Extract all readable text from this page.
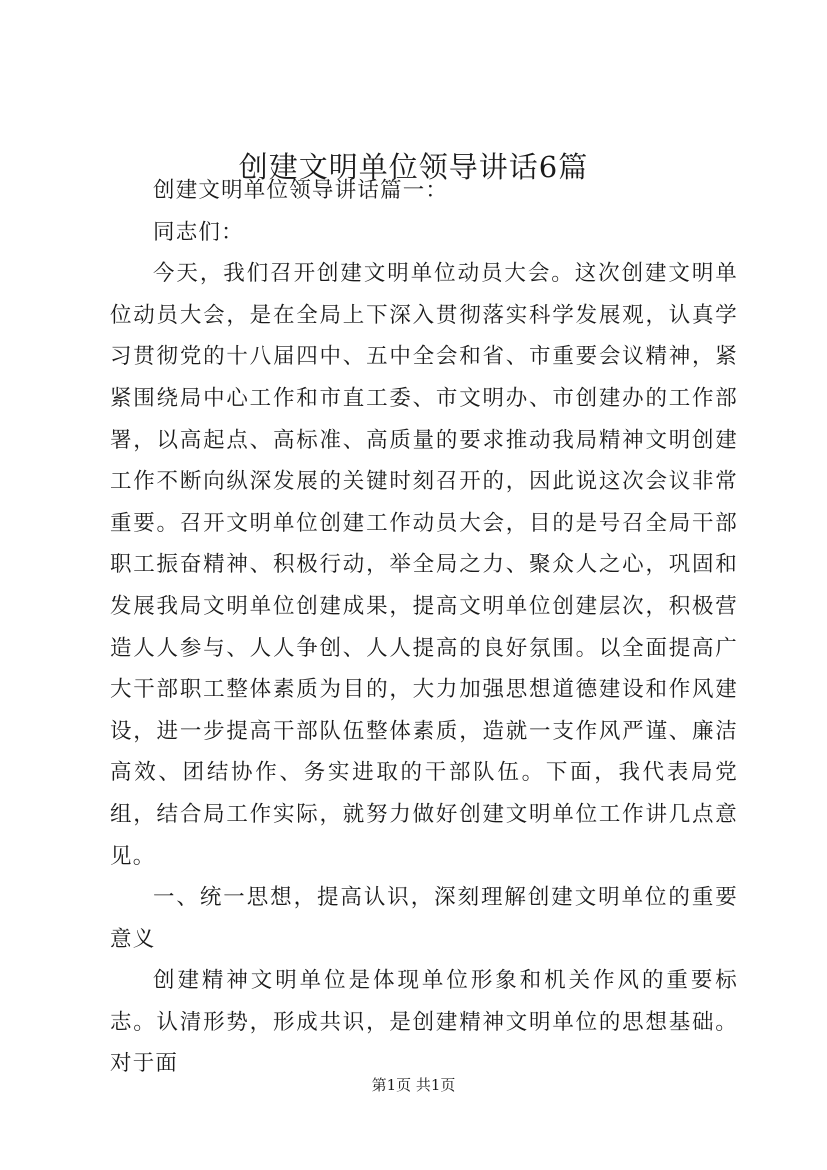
创建文明单位领导讲话6篇

创建文明单位领导讲话篇一：

同志们：

今天，我们召开创建文明单位动员大会。这次创建文明单位动员大会，是在全局上下深入贯彻落实科学发展观，认真学习贯彻党的十八届四中、五中全会和省、市重要会议精神，紧紧围绕局中心工作和市直工委、市文明办、市创建办的工作部署，以高起点、高标准、高质量的要求推动我局精神文明创建工作不断向纵深发展的关键时刻召开的，因此说这次会议非常重要。召开文明单位创建工作动员大会，目的是号召全局干部职工振奋精神、积极行动，举全局之力、聚众人之心，巩固和发展我局文明单位创建成果，提高文明单位创建层次，积极营造人人参与、人人争创、人人提高的良好氛围。以全面提高广大干部职工整体素质为目的，大力加强思想道德建设和作风建设，进一步提高干部队伍整体素质，造就一支作风严谨、廉洁高效、团结协作、务实进取的干部队伍。下面，我代表局党组，结合局工作实际，就努力做好创建文明单位工作讲几点意见。

一、统一思想，提高认识，深刻理解创建文明单位的重要意义

创建精神文明单位是体现单位形象和机关作风的重要标志。认清形势，形成共识，是创建精神文明单位的思想基础。对于面

第1页 共1页
